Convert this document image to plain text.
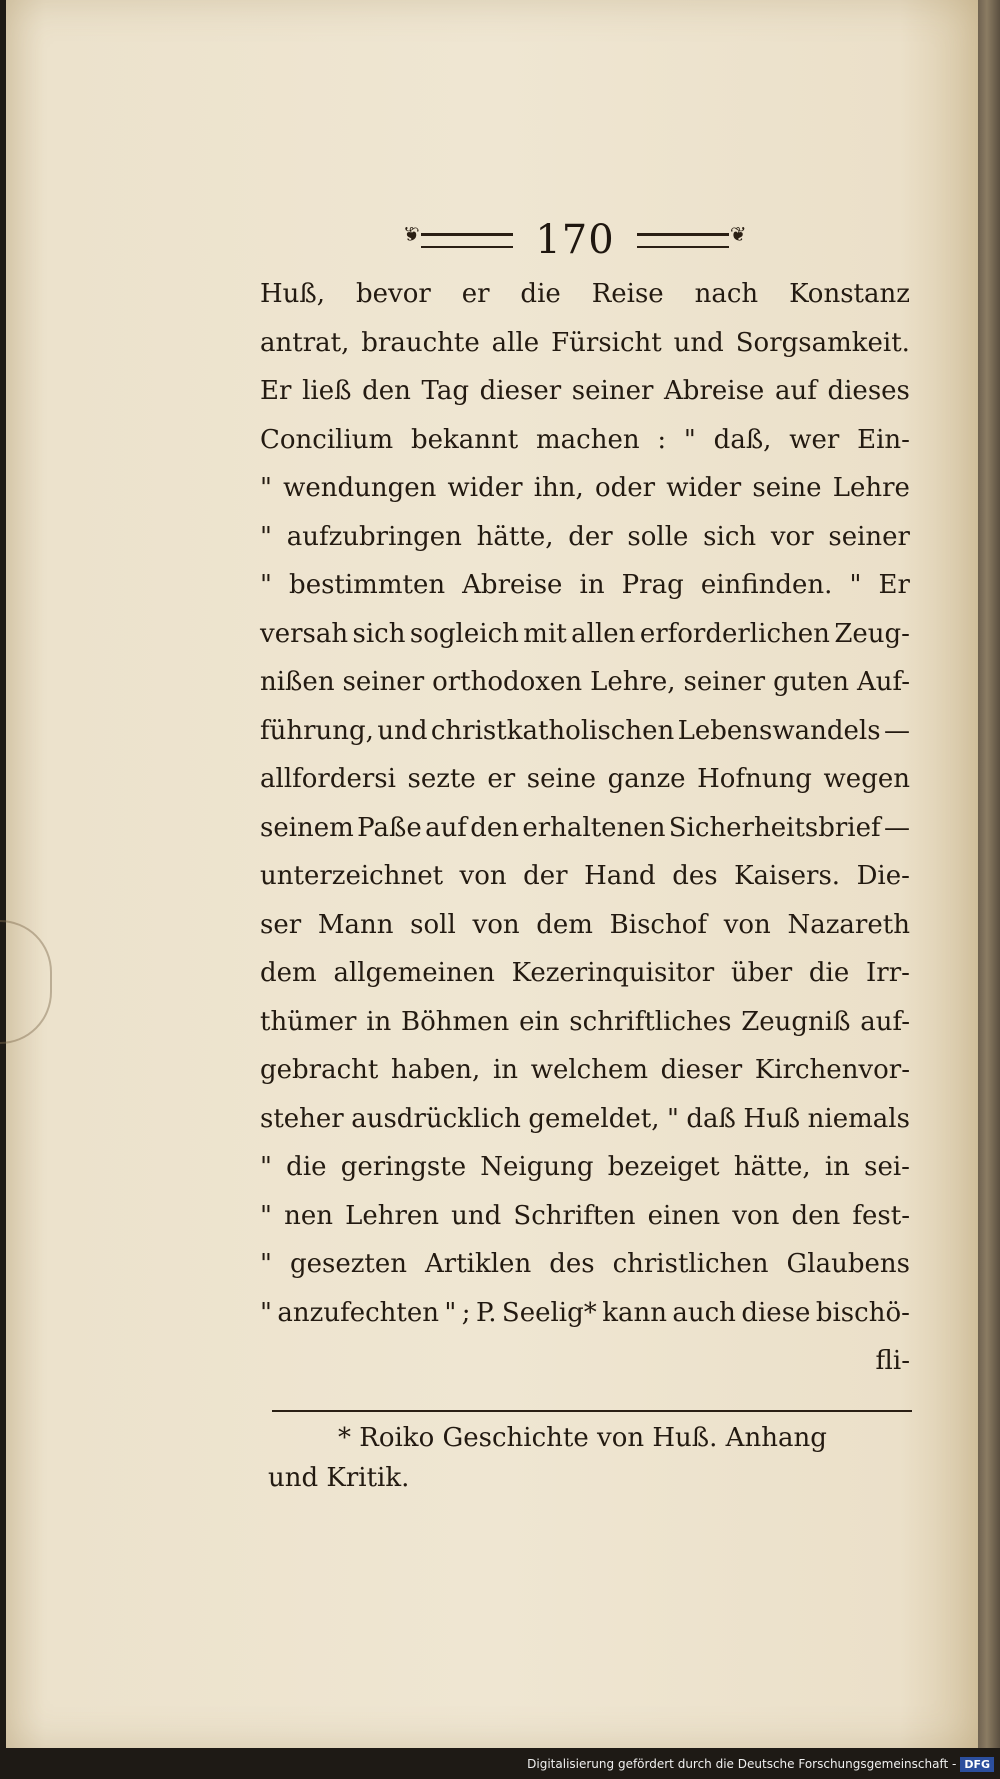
❦
170
❦
Huß, bevor er die Reise nach Konstanz
antrat, brauchte alle Fürsicht und Sorgsamkeit.
Er ließ den Tag dieser seiner Abreise auf dieses
Concilium bekannt machen : " daß, wer Ein-
" wendungen wider ihn, oder wider seine Lehre
" aufzubringen hätte, der solle sich vor seiner
" bestimmten Abreise in Prag einfinden. " Er
versah sich sogleich mit allen erforderlichen Zeug-
nißen seiner orthodoxen Lehre, seiner guten Auf-
führung, und christkatholischen Lebenswandels —
allfordersi sezte er seine ganze Hofnung wegen
seinem Paße auf den erhaltenen Sicherheitsbrief —
unterzeichnet von der Hand des Kaisers. Die-
ser Mann soll von dem Bischof von Nazareth
dem allgemeinen Kezerinquisitor über die Irr-
thümer in Böhmen ein schriftliches Zeugniß auf-
gebracht haben, in welchem dieser Kirchenvor-
steher ausdrücklich gemeldet, " daß Huß niemals
" die geringste Neigung bezeiget hätte, in sei-
" nen Lehren und Schriften einen von den fest-
" gesezten Artiklen des christlichen Glaubens
" anzufechten " ; P. Seelig* kann auch diese bischö-
fli-
* Roiko Geschichte von Huß. Anhang
und Kritik.
Digitalisierung gefördert durch die Deutsche Forschungsgemeinschaft - DFG
